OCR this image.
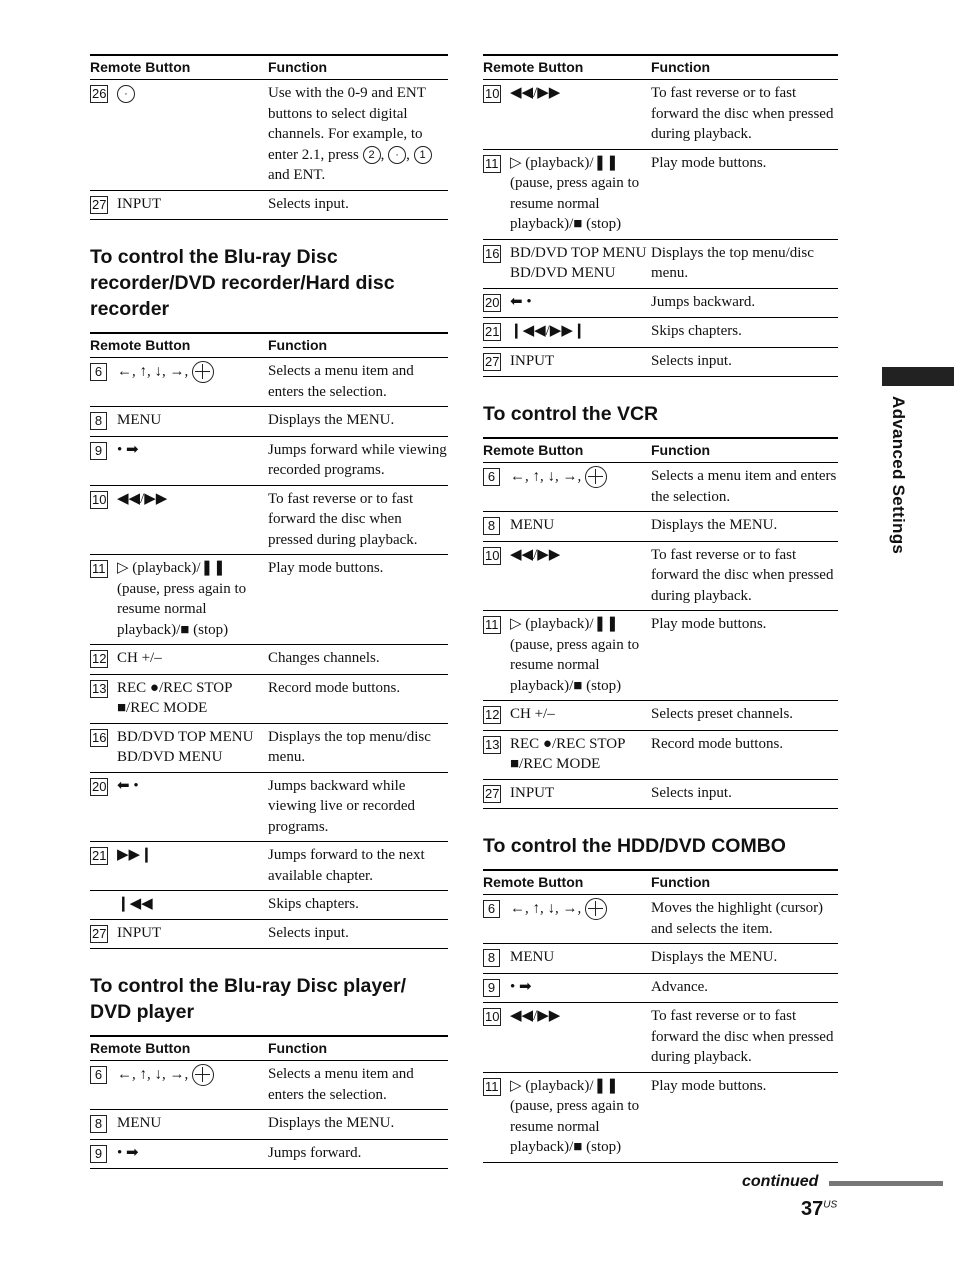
Remote Button	Function

26 ·	Use with the 0-9 and ENT buttons to select digital channels. For example, to enter 2.1, press 2 , · , 1 and ENT.

27 INPUT	Selects input.
To control the Blu-ray Disc recorder/DVD recorder/Hard disc recorder
Remote Button	Function

6 ←, ↑, ↓, →,	Selects a menu item and enters the selection.

8 MENU	Displays the MENU.

9 • ➡	Jumps forward while viewing recorded programs.

10 ◀◀/▶▶	To fast reverse or to fast forward the disc when pressed during playback.

11 ▷ (playback)/❚❚ (pause, press again to resume normal playback)/■ (stop)	Play mode buttons.

12 CH +/–	Changes channels.

13 REC ●/REC STOP ■/REC MODE	Record mode buttons.

16 BD/DVD TOP MENU BD/DVD MENU	Displays the top menu/disc menu.

20 ⬅ •	Jumps backward while viewing live or recorded programs.

21 ▶▶❙	Jumps forward to the next available chapter.

❙◀◀	Skips chapters.

27 INPUT	Selects input.
To control the Blu-ray Disc player/ DVD player
Remote Button	Function

6 ←, ↑, ↓, →,	Selects a menu item and enters the selection.

8 MENU	Displays the MENU.

9 • ➡	Jumps forward.
Remote Button	Function

10 ◀◀/▶▶	To fast reverse or to fast forward the disc when pressed during playback.

11 ▷ (playback)/❚❚ (pause, press again to resume normal playback)/■ (stop)	Play mode buttons.

16 BD/DVD TOP MENU BD/DVD MENU	Displays the top menu/disc menu.

20 ⬅ •	Jumps backward.

21 ❙◀◀/▶▶❙	Skips chapters.

27 INPUT	Selects input.
To control the VCR
Remote Button	Function

6 ←, ↑, ↓, →,	Selects a menu item and enters the selection.

8 MENU	Displays the MENU.

10 ◀◀/▶▶	To fast reverse or to fast forward the disc when pressed during playback.

11 ▷ (playback)/❚❚ (pause, press again to resume normal playback)/■ (stop)	Play mode buttons.

12 CH +/–	Selects preset channels.

13 REC ●/REC STOP ■/REC MODE	Record mode buttons.

27 INPUT	Selects input.
To control the HDD/DVD COMBO
Remote Button	Function

6 ←, ↑, ↓, →,	Moves the highlight (cursor) and selects the item.

8 MENU	Displays the MENU.

9 • ➡	Advance.

10 ◀◀/▶▶	To fast reverse or to fast forward the disc when pressed during playback.

11 ▷ (playback)/❚❚ (pause, press again to resume normal playback)/■ (stop)	Play mode buttons.
Advanced Settings
continued
$37^{US}$
